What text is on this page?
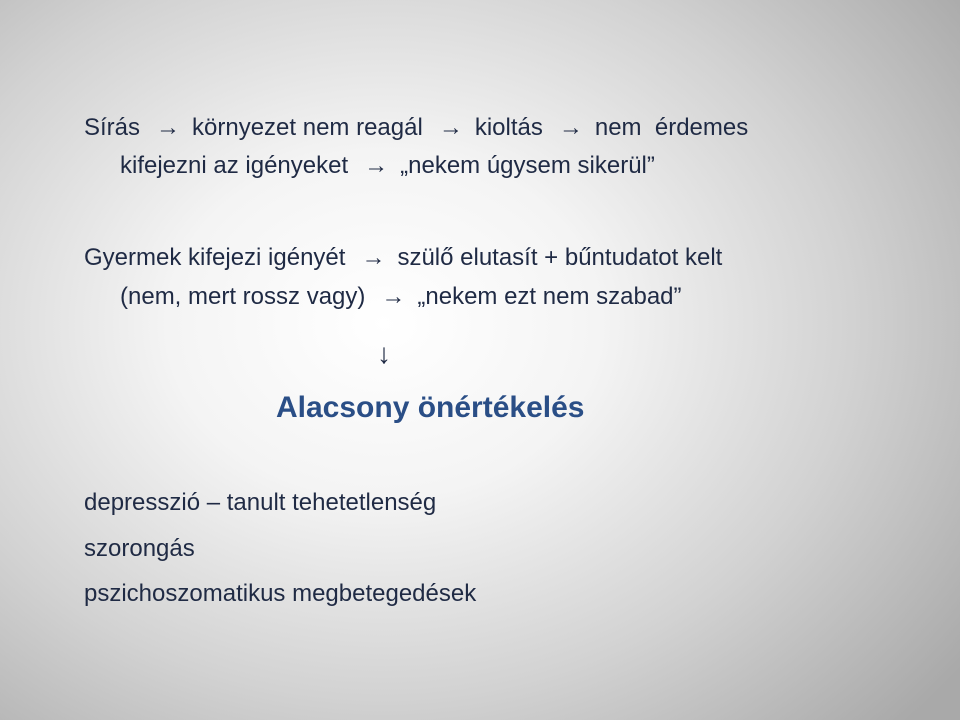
Sírás → környezet nem reagál → kioltás → nem  érdemes
kifejezni az igényeket → „nekem úgysem sikerül”
Gyermek kifejezi igényét → szülő elutasít + bűntudatot kelt
(nem, mert rossz vagy) → „nekem ezt nem szabad”
↓
Alacsony önértékelés
depresszió – tanult tehetetlenség
szorongás
pszichoszomatikus megbetegedések
